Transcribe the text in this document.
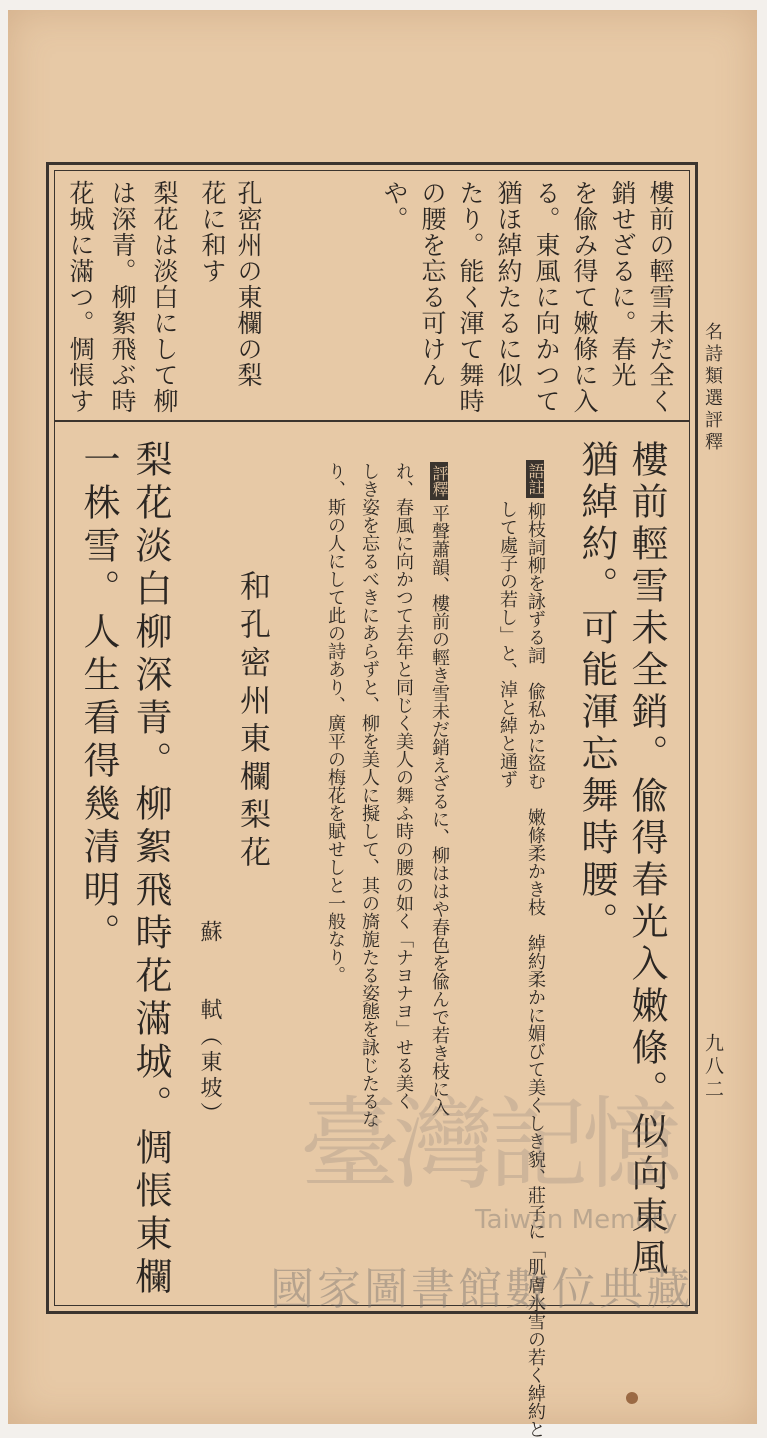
名詩類選評釋
九八二
樓前の輕雪未だ全く
銷せざるに。春光
を偸み得て嫩條に入
る。東風に向かつて
猶ほ綽約たるに似
たり。能く渾て舞時
の腰を忘る可けん
や。
孔密州の東欄の梨
花に和す
梨花は淡白にして柳
は深青。柳絮飛ぶ時
花城に滿つ。惆悵す
樓前輕雪未全銷。偸得春光入嫩條。似向東風
猶綽約。可能渾忘舞時腰。
語註柳枝詞柳を詠ずる詞　偸私かに盜む　嫩條柔かき枝　綽約柔かに媚びて美くしき貌、莊子に「肌膚氷雪の若く綽約と
して處子の若し」と、淖と綽と通ず
評釋平聲蕭韻、樓前の輕き雪未だ銷えざるに、柳ははや春色を偸んで若き枝に入
れ、春風に向かつて去年と同じく美人の舞ふ時の腰の如く「ナヨナヨ」せる美く
しき姿を忘るべきにあらずと、柳を美人に擬して、其の旖旎たる姿態を詠じたるな
り、斯の人にして此の詩あり、廣平の梅花を賦せしと一般なり。
和孔密州東欄梨花
蘇　　軾（東坡）
梨花淡白柳深青。柳絮飛時花滿城。惆悵東欄
一株雪。人生看得幾清明。
臺灣記憶
Taiwan Memory
國家圖書館數位典藏
